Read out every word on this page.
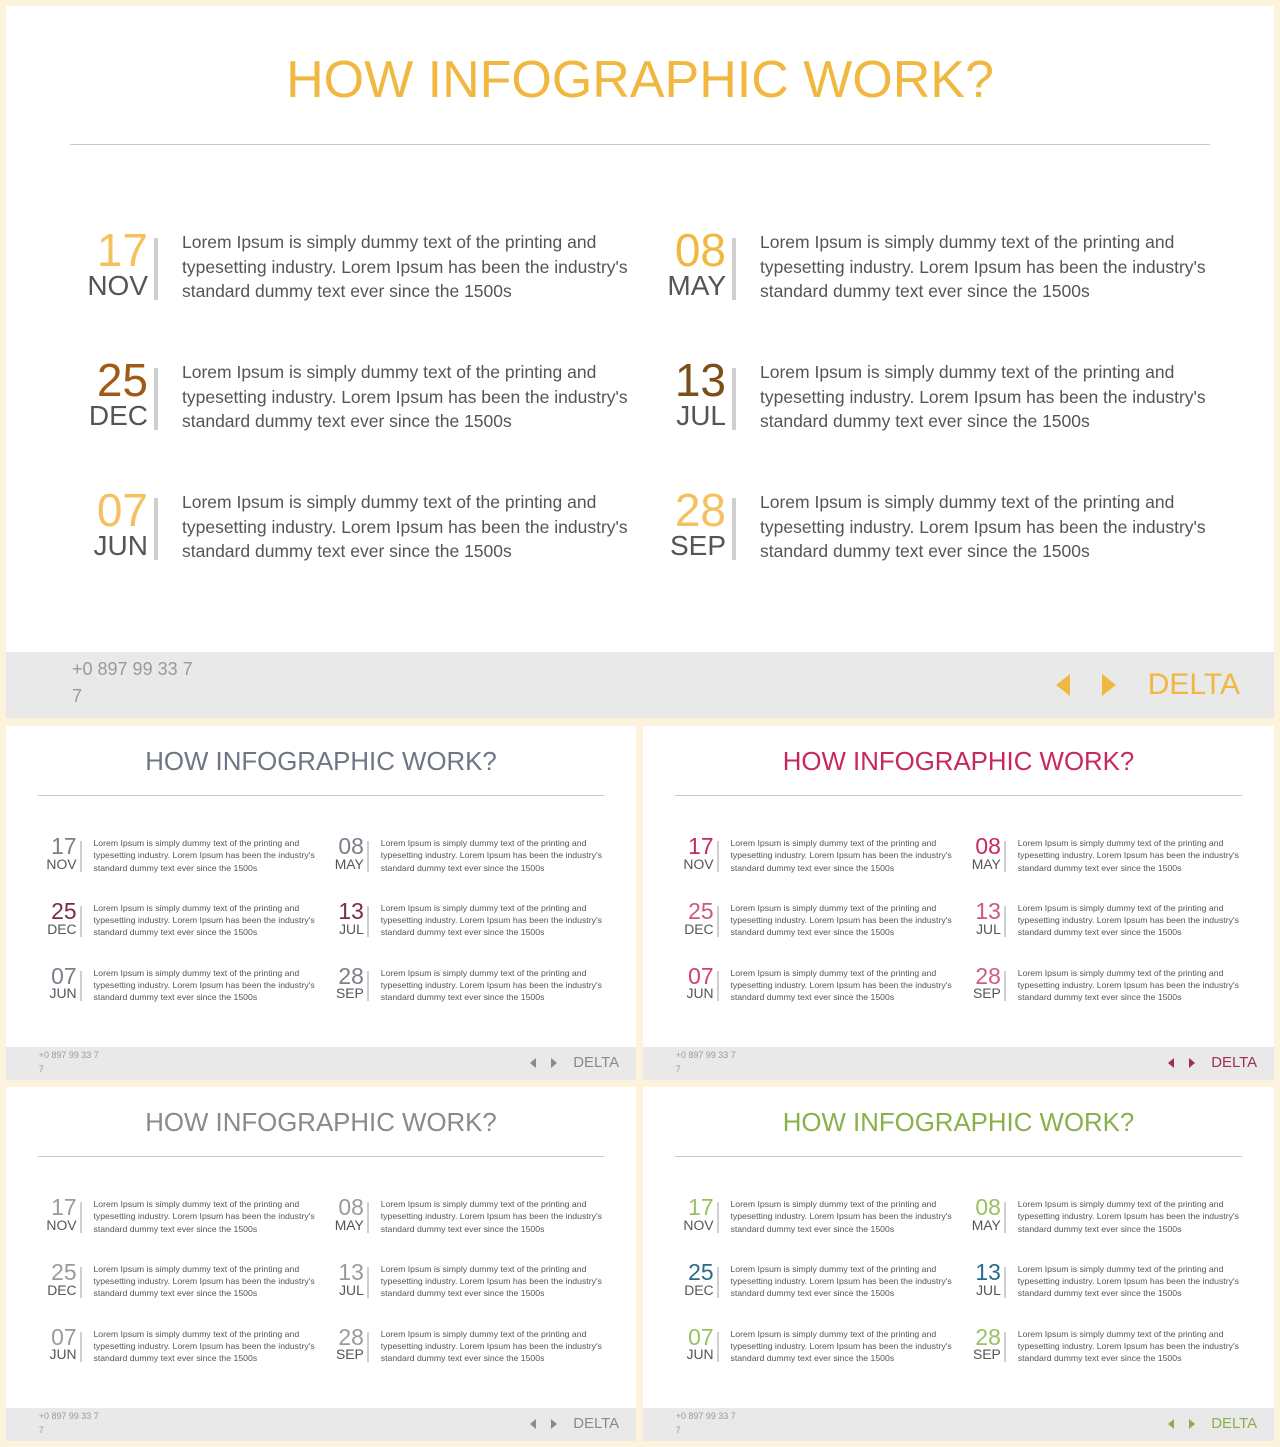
HOW INFOGRAPHIC WORK?
17
NOV

Lorem Ipsum is simply dummy text of the printing and typesetting industry. Lorem Ipsum has been the industry's standard dummy text ever since the 1500s

25
DEC

Lorem Ipsum is simply dummy text of the printing and typesetting industry. Lorem Ipsum has been the industry's standard dummy text ever since the 1500s

07
JUN

Lorem Ipsum is simply dummy text of the printing and typesetting industry. Lorem Ipsum has been the industry's standard dummy text ever since the 1500s

08
MAY

Lorem Ipsum is simply dummy text of the printing and typesetting industry. Lorem Ipsum has been the industry's standard dummy text ever since the 1500s

13
JUL

Lorem Ipsum is simply dummy text of the printing and typesetting industry. Lorem Ipsum has been the industry's standard dummy text ever since the 1500s

28
SEP

Lorem Ipsum is simply dummy text of the printing and typesetting industry. Lorem Ipsum has been the industry's standard dummy text ever since the 1500s

+0 897 99 33 7
7	DELTA
HOW INFOGRAPHIC WORK?
17
NOV

Lorem Ipsum is simply dummy text of the printing and typesetting industry. Lorem Ipsum has been the industry's standard dummy text ever since the 1500s

25
DEC

Lorem Ipsum is simply dummy text of the printing and typesetting industry. Lorem Ipsum has been the industry's standard dummy text ever since the 1500s

07
JUN

Lorem Ipsum is simply dummy text of the printing and typesetting industry. Lorem Ipsum has been the industry's standard dummy text ever since the 1500s

08
MAY

Lorem Ipsum is simply dummy text of the printing and typesetting industry. Lorem Ipsum has been the industry's standard dummy text ever since the 1500s

13
JUL

Lorem Ipsum is simply dummy text of the printing and typesetting industry. Lorem Ipsum has been the industry's standard dummy text ever since the 1500s

28
SEP

Lorem Ipsum is simply dummy text of the printing and typesetting industry. Lorem Ipsum has been the industry's standard dummy text ever since the 1500s

+0 897 99 33 7
7	DELTA
HOW INFOGRAPHIC WORK?
17
NOV

Lorem Ipsum is simply dummy text of the printing and typesetting industry. Lorem Ipsum has been the industry's standard dummy text ever since the 1500s

25
DEC

Lorem Ipsum is simply dummy text of the printing and typesetting industry. Lorem Ipsum has been the industry's standard dummy text ever since the 1500s

07
JUN

Lorem Ipsum is simply dummy text of the printing and typesetting industry. Lorem Ipsum has been the industry's standard dummy text ever since the 1500s

08
MAY

Lorem Ipsum is simply dummy text of the printing and typesetting industry. Lorem Ipsum has been the industry's standard dummy text ever since the 1500s

13
JUL

Lorem Ipsum is simply dummy text of the printing and typesetting industry. Lorem Ipsum has been the industry's standard dummy text ever since the 1500s

28
SEP

Lorem Ipsum is simply dummy text of the printing and typesetting industry. Lorem Ipsum has been the industry's standard dummy text ever since the 1500s

+0 897 99 33 7
7	DELTA
HOW INFOGRAPHIC WORK?
17
NOV

Lorem Ipsum is simply dummy text of the printing and typesetting industry. Lorem Ipsum has been the industry's standard dummy text ever since the 1500s

25
DEC

Lorem Ipsum is simply dummy text of the printing and typesetting industry. Lorem Ipsum has been the industry's standard dummy text ever since the 1500s

07
JUN

Lorem Ipsum is simply dummy text of the printing and typesetting industry. Lorem Ipsum has been the industry's standard dummy text ever since the 1500s

08
MAY

Lorem Ipsum is simply dummy text of the printing and typesetting industry. Lorem Ipsum has been the industry's standard dummy text ever since the 1500s

13
JUL

Lorem Ipsum is simply dummy text of the printing and typesetting industry. Lorem Ipsum has been the industry's standard dummy text ever since the 1500s

28
SEP

Lorem Ipsum is simply dummy text of the printing and typesetting industry. Lorem Ipsum has been the industry's standard dummy text ever since the 1500s

+0 897 99 33 7
7	DELTA
HOW INFOGRAPHIC WORK?
17
NOV

Lorem Ipsum is simply dummy text of the printing and typesetting industry. Lorem Ipsum has been the industry's standard dummy text ever since the 1500s

25
DEC

Lorem Ipsum is simply dummy text of the printing and typesetting industry. Lorem Ipsum has been the industry's standard dummy text ever since the 1500s

07
JUN

Lorem Ipsum is simply dummy text of the printing and typesetting industry. Lorem Ipsum has been the industry's standard dummy text ever since the 1500s

08
MAY

Lorem Ipsum is simply dummy text of the printing and typesetting industry. Lorem Ipsum has been the industry's standard dummy text ever since the 1500s

13
JUL

Lorem Ipsum is simply dummy text of the printing and typesetting industry. Lorem Ipsum has been the industry's standard dummy text ever since the 1500s

28
SEP

Lorem Ipsum is simply dummy text of the printing and typesetting industry. Lorem Ipsum has been the industry's standard dummy text ever since the 1500s

+0 897 99 33 7
7	DELTA
